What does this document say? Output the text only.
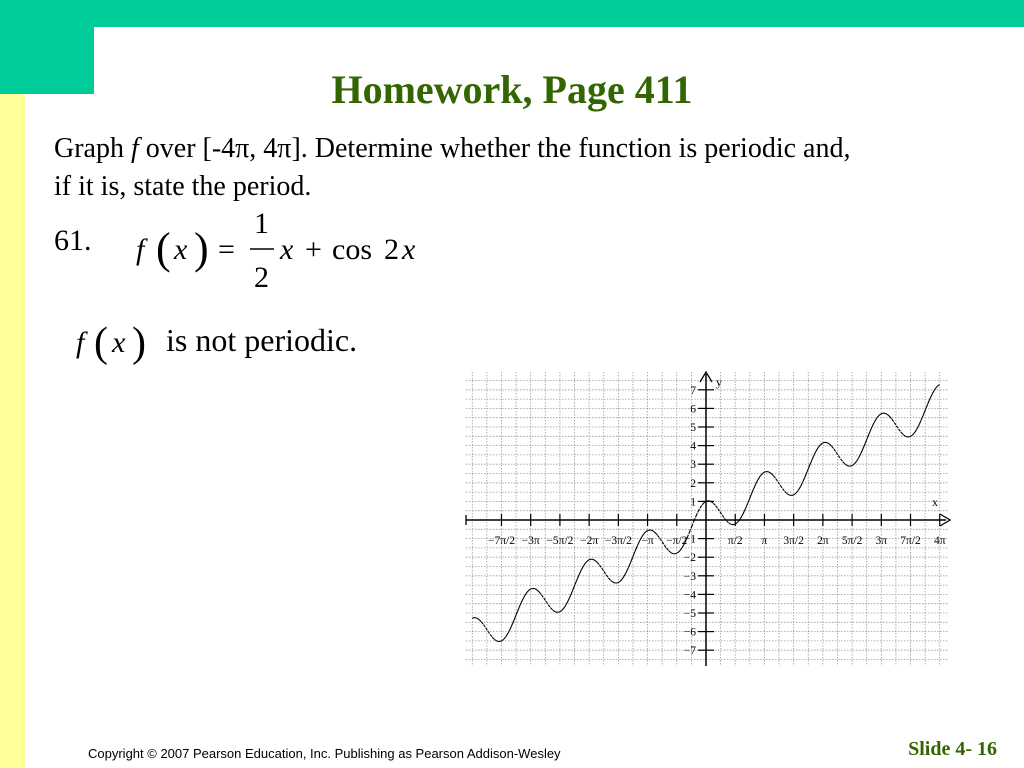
Homework, Page 411
Graph f over [-4π, 4π]. Determine whether the function is periodic and, if it is, state the period.
61. f ( x ) =
1
2
x + cos 2 x
f ( x ) is not periodic.
x
y
−7π/2 −3π −5π/2 −2π −3π/2 −π −π/2	π/2 π 3π/2 2π 5π/2 3π 7π/2 4π
7
6
5
4
3
2
1
−1
−2
−3
−4
−5
−6
−7
Copyright © 2007 Pearson Education, Inc. Publishing as Pearson Addison-Wesley	Slide 4- 16
